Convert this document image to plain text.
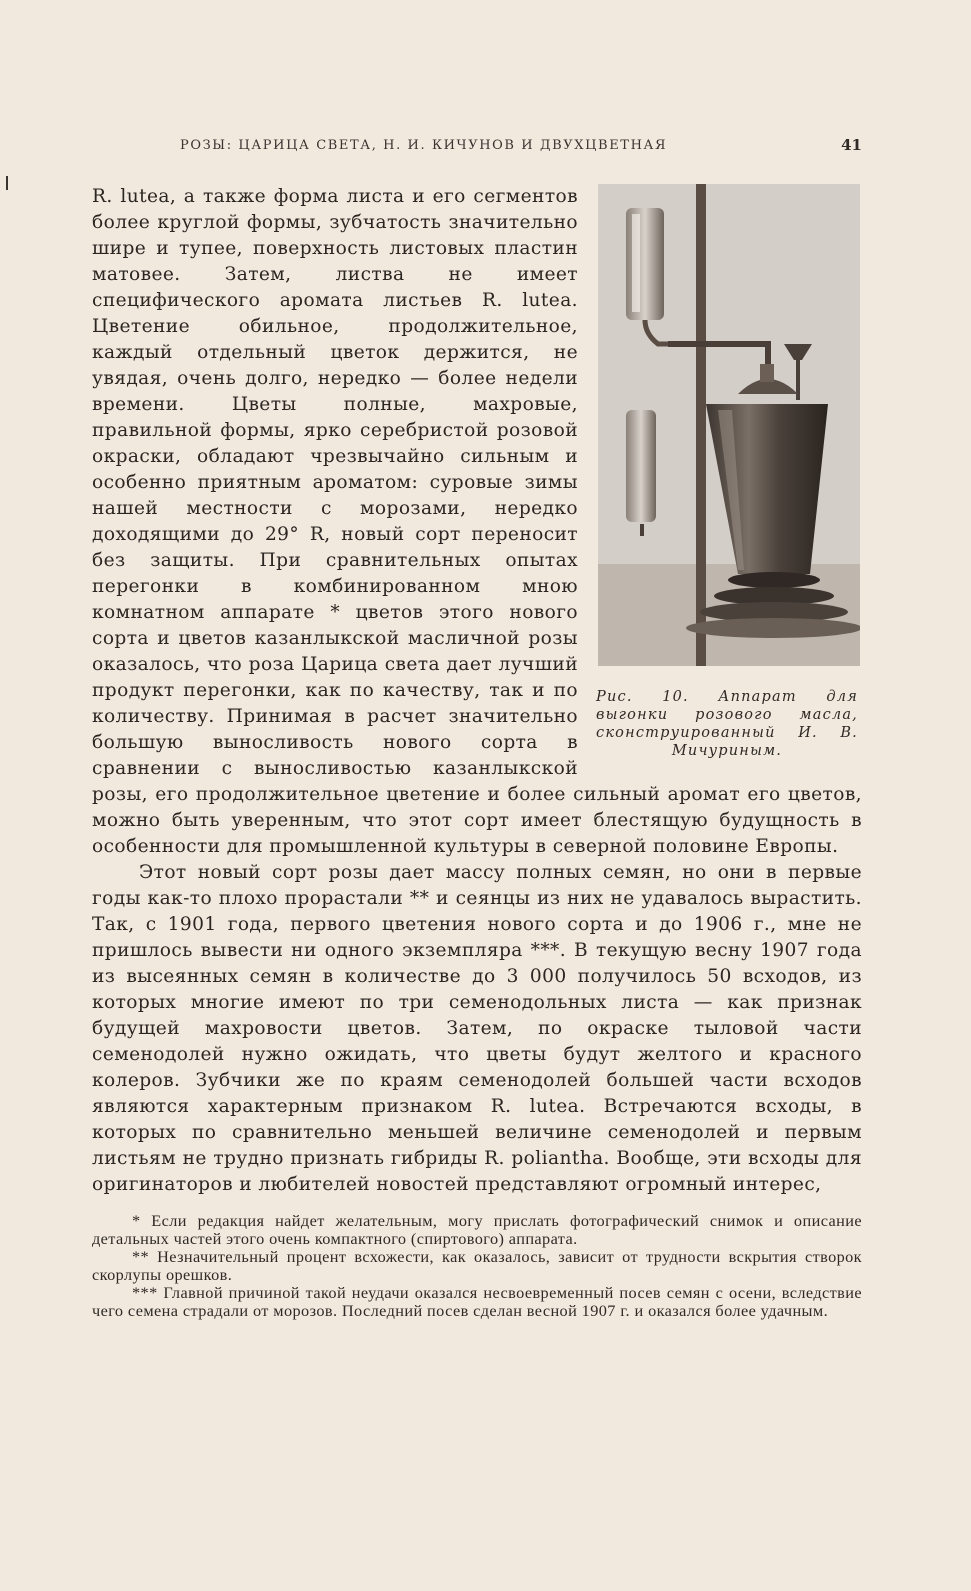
РОЗЫ: ЦАРИЦА СВЕТА, Н. И. КИЧУНОВ И ДВУХЦВЕТНАЯ	41
Рис. 10. Аппарат для выгонки розового масла, сконструированный И. В. Мичуриным.

R. lutea, а также форма листа и его сегментов более круглой формы, зубчатость значительно шире и тупее, поверхность листовых пластин матовее. Затем, листва не имеет специфического аромата листьев R. lutea. Цветение обильное, продолжительное, каждый отдельный цветок держится, не увядая, очень долго, нередко — более недели времени. Цветы полные, махровые, правильной формы, ярко серебристой розовой окраски, обладают чрезвычайно сильным и особенно приятным ароматом: суровые зимы нашей местности с морозами, нередко доходящими до 29° R, новый сорт переносит без защиты. При сравнительных опытах перегонки в комбинированном мною комнатном аппарате * цветов этого нового сорта и цветов казанлыкской масличной розы оказалось, что роза Царица света дает лучший продукт перегонки, как по качеству, так и по количеству. Принимая в расчет значительно большую выносливость нового сорта в сравнении с выносливостью казанлыкской розы, его продолжительное цветение и более сильный аромат его цветов, можно быть уверенным, что этот сорт имеет блестящую будущность в особенности для промышленной культуры в северной половине Европы.

Этот новый сорт розы дает массу полных семян, но они в первые годы как-то плохо прорастали ** и сеянцы из них не удавалось вырастить. Так, с 1901 года, первого цветения нового сорта и до 1906 г., мне не пришлось вывести ни одного экземпляра ***. В текущую весну 1907 года из высеянных семян в количестве до 3 000 получилось 50 всходов, из которых многие имеют по три семенодольных листа — как признак будущей махровости цветов. Затем, по окраске тыловой части семенодолей нужно ожидать, что цветы будут желтого и красного колеров. Зубчики же по краям семенодолей большей части всходов являются характерным признаком R. lutea. Встречаются всходы, в которых по сравнительно меньшей величине семенодолей и первым листьям не трудно признать гибриды R. poliantha. Вообще, эти всходы для оригинаторов и любителей новостей представляют огромный интерес,

* Если редакция найдет желательным, могу прислать фотографический снимок и описание детальных частей этого очень компактного (спиртового) аппарата.

** Незначительный процент всхожести, как оказалось, зависит от трудности вскрытия створок скорлупы орешков.

*** Главной причиной такой неудачи оказался несвоевременный посев семян с осени, вследствие чего семена страдали от морозов. Последний посев сделан весной 1907 г. и оказался более удачным.
